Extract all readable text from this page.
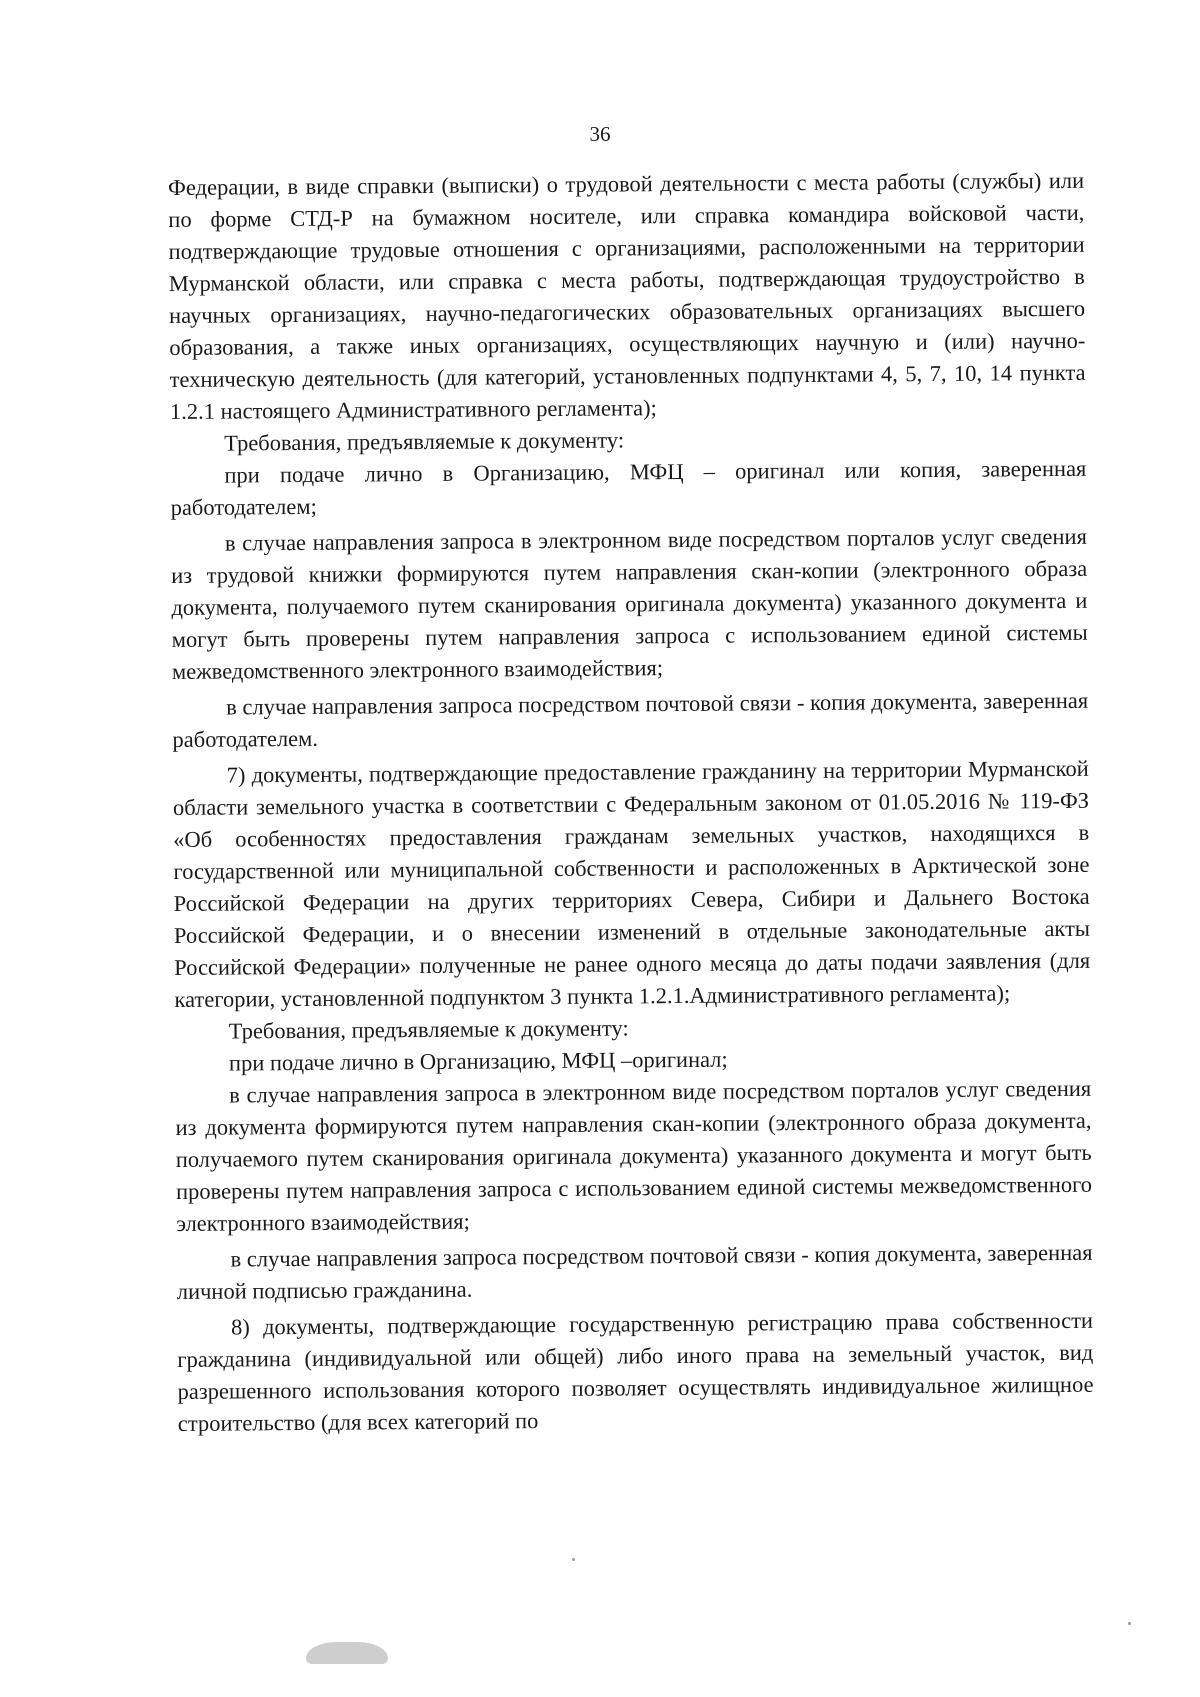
36

Федерации, в виде справки (выписки) о трудовой деятельности с места работы (службы) или по форме СТД-Р на бумажном носителе, или справка командира войсковой части, подтверждающие трудовые отношения с организациями, расположенными на территории Мурманской области, или справка с места работы, подтверждающая трудоустройство в научных организациях, научно-педагогических образовательных организациях высшего образования, а также иных организациях, осуществляющих научную и (или) научно-техническую деятельность (для категорий, установленных подпунктами 4, 5, 7, 10, 14 пункта 1.2.1 настоящего Административного регламента);

Требования, предъявляемые к документу:

при подаче лично в Организацию, МФЦ – оригинал или копия, заверенная работодателем;

в случае направления запроса в электронном виде посредством порталов услуг сведения из трудовой книжки формируются путем направления скан-копии (электронного образа документа, получаемого путем сканирования оригинала документа) указанного документа и могут быть проверены путем направления запроса с использованием единой системы межведомственного электронного взаимодействия;

в случае направления запроса посредством почтовой связи - копия документа, заверенная работодателем.

7) документы, подтверждающие предоставление гражданину на территории Мурманской области земельного участка в соответствии с Федеральным законом от 01.05.2016 № 119-ФЗ «Об особенностях предоставления гражданам земельных участков, находящихся в государственной или муниципальной собственности и расположенных в Арктической зоне Российской Федерации на других территориях Севера, Сибири и Дальнего Востока Российской Федерации, и о внесении изменений в отдельные законодательные акты Российской Федерации» полученные не ранее одного месяца до даты подачи заявления (для категории, установленной подпунктом 3 пункта 1.2.1.Административного регламента);

Требования, предъявляемые к документу:

при подаче лично в Организацию, МФЦ –оригинал;

в случае направления запроса в электронном виде посредством порталов услуг сведения из документа формируются путем направления скан-копии (электронного образа документа, получаемого путем сканирования оригинала документа) указанного документа и могут быть проверены путем направления запроса с использованием единой системы межведомственного электронного взаимодействия;

в случае направления запроса посредством почтовой связи - копия документа, заверенная личной подписью гражданина.

8) документы, подтверждающие государственную регистрацию права собственности гражданина (индивидуальной или общей) либо иного права на земельный участок, вид разрешенного использования которого позволяет осуществлять индивидуальное жилищное строительство (для всех категорий по
